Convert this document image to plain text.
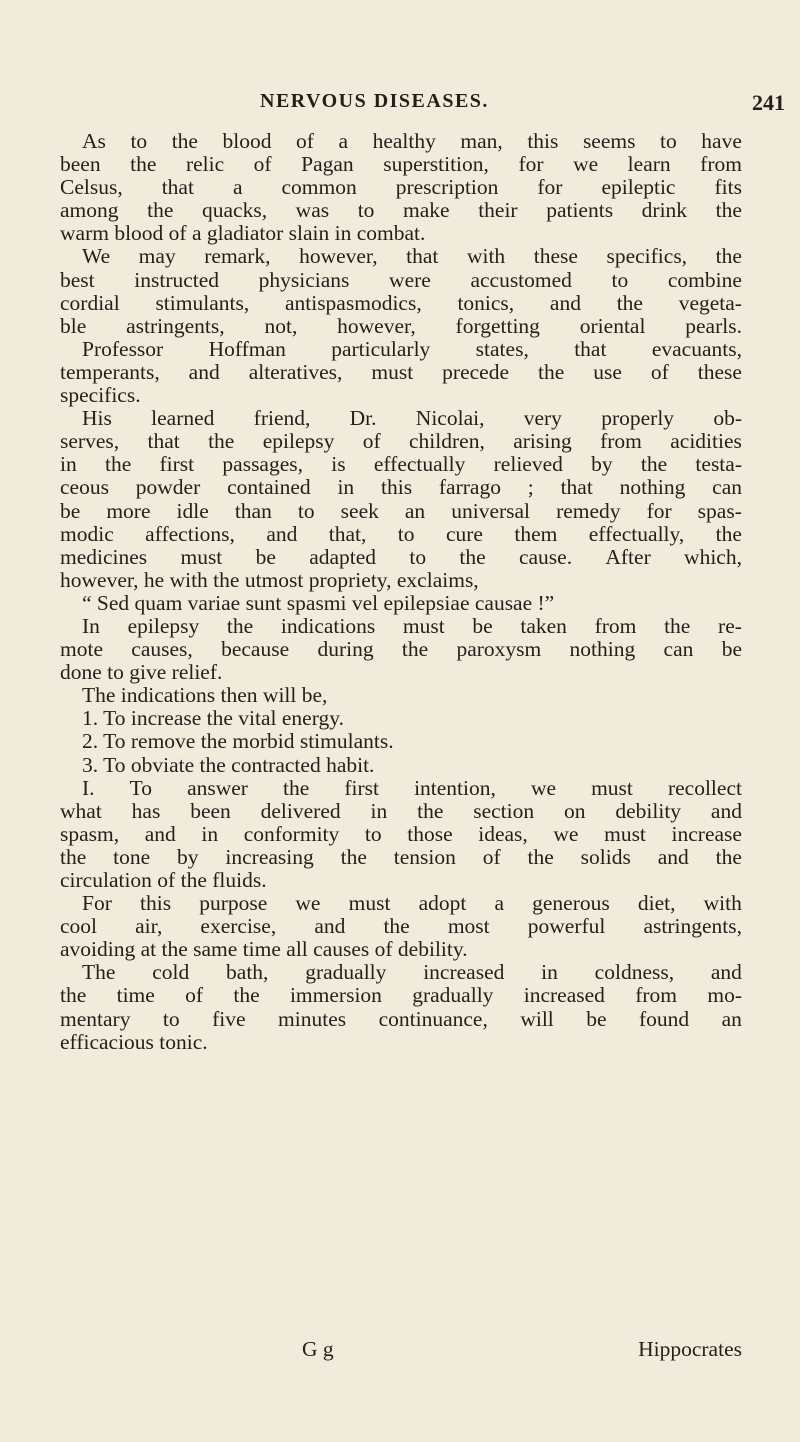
NERVOUS DISEASES.	241
As to the blood of a healthy man, this seems to have
been the relic of Pagan superstition, for we learn from
Celsus, that a common prescription for epileptic fits
among the quacks, was to make their patients drink the
warm blood of a gladiator slain in combat.
We may remark, however, that with these specifics, the
best instructed physicians were accustomed to combine
cordial stimulants, antispasmodics, tonics, and the vegeta-
ble astringents, not, however, forgetting oriental pearls.
Professor Hoffman particularly states, that evacuants,
temperants, and alteratives, must precede the use of these
specifics.
His learned friend, Dr. Nicolai, very properly ob-
serves, that the epilepsy of children, arising from acidities
in the first passages, is effectually relieved by the testa-
ceous powder contained in this farrago ; that nothing can
be more idle than to seek an universal remedy for spas-
modic affections, and that, to cure them effectually, the
medicines must be adapted to the cause. After which,
however, he with the utmost propriety, exclaims,
“ Sed quam variae sunt spasmi vel epilepsiae causae !”
In epilepsy the indications must be taken from the re-
mote causes, because during the paroxysm nothing can be
done to give relief.
The indications then will be,
1. To increase the vital energy.
2. To remove the morbid stimulants.
3. To obviate the contracted habit.
I. To answer the first intention, we must recollect
what has been delivered in the section on debility and
spasm, and in conformity to those ideas, we must increase
the tone by increasing the tension of the solids and the
circulation of the fluids.
For this purpose we must adopt a generous diet, with
cool air, exercise, and the most powerful astringents,
avoiding at the same time all causes of debility.
The cold bath, gradually increased in coldness, and
the time of the immersion gradually increased from mo-
mentary to five minutes continuance, will be found an
efficacious tonic.
G g	Hippocrates
